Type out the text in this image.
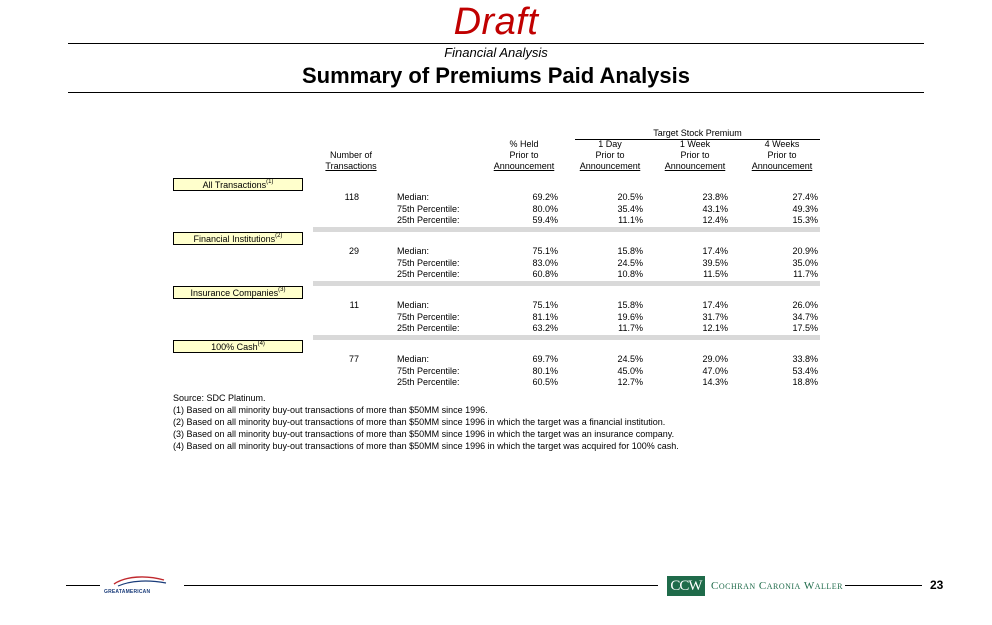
Draft
Financial Analysis
Summary of Premiums Paid Analysis
Target Stock Premium
Number of
Transactions
% Held
Prior to
Announcement
1 Day
Prior to
Announcement
1 Week
Prior to
Announcement
4 Weeks
Prior to
Announcement
All Transactions$^{(1)}$
118	Median:	69.2%	20.5%	23.8%	27.4%
75th Percentile:	80.0%	35.4%	43.1%	49.3%
25th Percentile:	59.4%	11.1%	12.4%	15.3%
Financial Institutions$^{(2)}$
29	Median:	75.1%	15.8%	17.4%	20.9%
75th Percentile:	83.0%	24.5%	39.5%	35.0%
25th Percentile:	60.8%	10.8%	11.5%	11.7%
Insurance Companies$^{(3)}$
11	Median:	75.1%	15.8%	17.4%	26.0%
75th Percentile:	81.1%	19.6%	31.7%	34.7%
25th Percentile:	63.2%	11.7%	12.1%	17.5%
100% Cash$^{(4)}$
77	Median:	69.7%	24.5%	29.0%	33.8%
75th Percentile:	80.1%	45.0%	47.0%	53.4%
25th Percentile:	60.5%	12.7%	14.3%	18.8%
Source: SDC Platinum.
(1) Based on all minority buy-out transactions of more than $50MM since 1996.
(2) Based on all minority buy-out transactions of more than $50MM since 1996 in which the target was a financial institution.
(3) Based on all minority buy-out transactions of more than $50MM since 1996 in which the target was an insurance company.
(4) Based on all minority buy-out transactions of more than $50MM since 1996 in which the target was acquired for 100% cash.
GREATAMERICAN	CCW Cochran Caronia Waller	23
